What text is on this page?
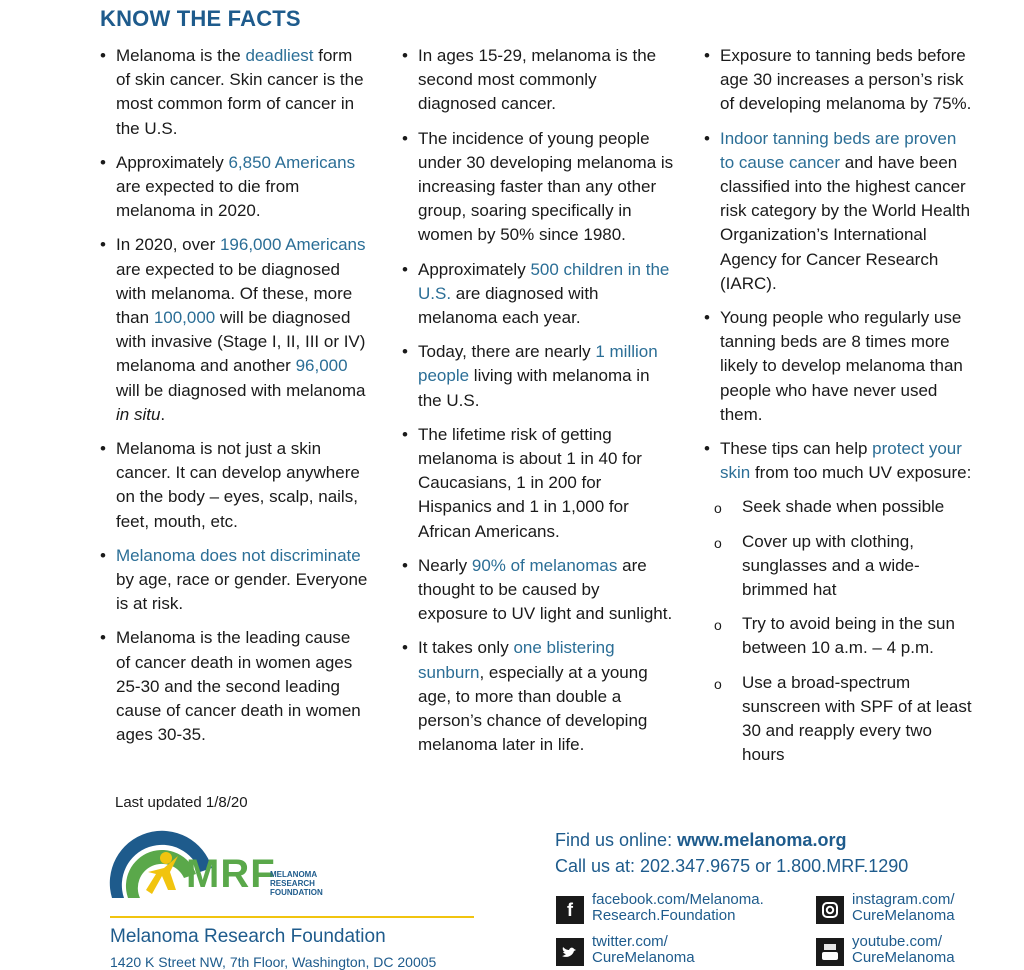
KNOW THE FACTS
• Melanoma is the deadliest form of skin cancer. Skin cancer is the most common form of cancer in the U.S.
• Approximately 6,850 Americans are expected to die from melanoma in 2020.
• In 2020, over 196,000 Americans are expected to be diagnosed with melanoma. Of these, more than 100,000 will be diagnosed with invasive (Stage I, II, III or IV) melanoma and another 96,000 will be diagnosed with melanoma in situ.
• Melanoma is not just a skin cancer. It can develop anywhere on the body – eyes, scalp, nails, feet, mouth, etc.
• Melanoma does not discriminate by age, race or gender. Everyone is at risk.
• Melanoma is the leading cause of cancer death in women ages 25-30 and the second leading cause of cancer death in women ages 30-35.
• In ages 15-29, melanoma is the second most commonly diagnosed cancer.
• The incidence of young people under 30 developing melanoma is increasing faster than any other group, soaring specifically in women by 50% since 1980.
• Approximately 500 children in the U.S. are diagnosed with melanoma each year.
• Today, there are nearly 1 million people living with melanoma in the U.S.
• The lifetime risk of getting melanoma is about 1 in 40 for Caucasians, 1 in 200 for Hispanics and 1 in 1,000 for African Americans.
• Nearly 90% of melanomas are thought to be caused by exposure to UV light and sunlight.
• It takes only one blistering sunburn, especially at a young age, to more than double a person’s chance of developing melanoma later in life.
• Exposure to tanning beds before age 30 increases a person’s risk of developing melanoma by 75%.
• Indoor tanning beds are proven to cause cancer and have been classified into the highest cancer risk category by the World Health Organization’s International Agency for Cancer Research (IARC).
• Young people who regularly use tanning beds are 8 times more likely to develop melanoma than people who have never used them.
• These tips can help protect your skin from too much UV exposure:
o Seek shade when possible
o Cover up with clothing, sunglasses and a wide-brimmed hat
o Try to avoid being in the sun between 10 a.m. – 4 p.m.
o Use a broad-spectrum sunscreen with SPF of at least 30 and reapply every two hours
Last updated 1/8/20
MRF
MELANOMA
RESEARCH
FOUNDATION
Melanoma Research Foundation
1420 K Street NW, 7th Floor, Washington, DC 20005
Find us online: www.melanoma.org
Call us at: 202.347.9675 or 1.800.MRF.1290
f	facebook.com/Melanoma.
Research.Foundation
instagram.com/
CureMelanoma
twitter.com/
CureMelanoma
youtube.com/
CureMelanoma
